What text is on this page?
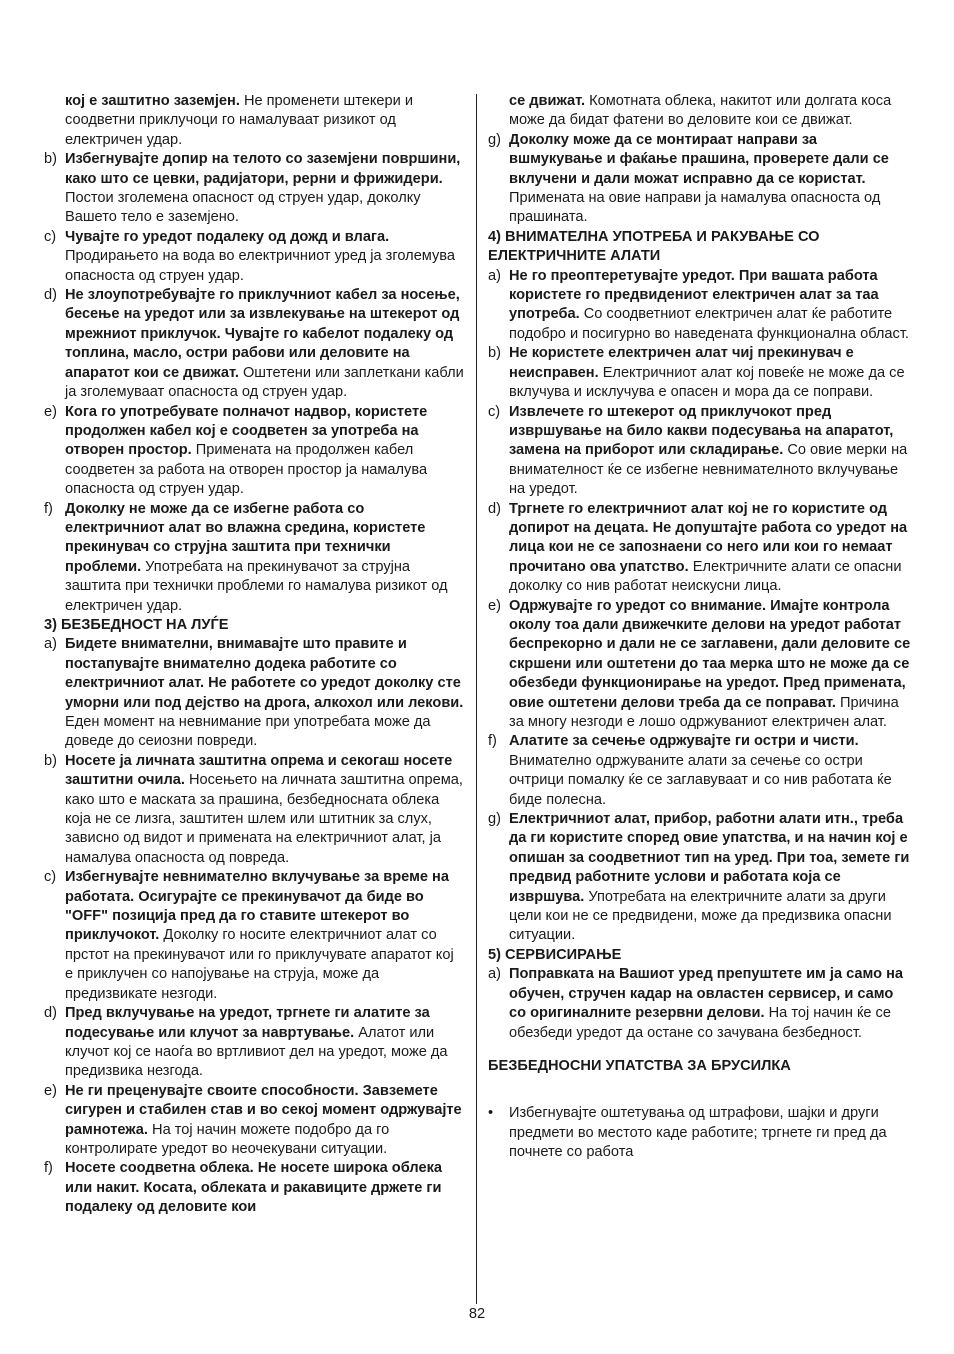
кој е заштитно заземјен. Не променети штекери и соодветни приклучоци го намалуваат ризикот од електричен удар.
b) Избегнувајте допир на телото со заземјени површини, како што се цевки, радијатори, рерни и фрижидери. Постои зголемена опасност од струен удар, доколку Вашето тело е заземјено.
c) Чувајте го уредот подалеку од дожд и влага. Продирањето на вода во електричниот уред ја зголемува опасноста од струен удар.
d) Не злоупотребувајте го приклучниот кабел за носење, бесење на уредот или за извлекување на штекерот од мрежниот приклучок. Чувајте го кабелот подалеку од топлина, масло, остри рабови или деловите на апаратот кои се движат. Оштетени или заплеткани кабли ја зголемуваат опасноста од струен удар.
e) Кога го употребувате полначот надвор, користете продолжен кабел кој е соодветен за употреба на отворен простор. Примената на продолжен кабел соодветен за работа на отворен простор ја намалува опасноста од струен удар.
f) Доколку не може да се избегне работа со електричниот алат во влажна средина, користете прекинувач со струјна заштита при технички проблеми. Употребата на прекинувачот за струјна заштита при технички проблеми го намалува ризикот од електричен удар.
3) БЕЗБЕДНОСТ НА ЛУЃЕ
a) Бидете внимателни, внимавајте што правите и постапувајте внимателно додека работите со електричниот алат. Не работете со уредот доколку сте уморни или под дејство на дрога, алкохол или лекови. Еден момент на невнимание при употребата може да доведе до сеиозни повреди.
b) Носете ја личната заштитна опрема и секогаш носете заштитни очила. Носењето на личната заштитна опрема, како што е маската за прашина, безбедносната облека која не се лизга, заштитен шлем или штитник за слух, зависно од видот и примената на електричниот алат, ја намалува опасноста од повреда.
c) Избегнувајте невнимателно вклучување за време на работата. Осигурајте се прекинувачот да биде во "OFF" позиција пред да го ставите штекерот во приклучокот. Доколку го носите електричниот алат со прстот на прекинувачот или го приклучувате апаратот кој е приклучен со напојување на струја, може да предизвикате незгоди.
d) Пред вклучување на уредот, тргнете ги алатите за подесување или клучот за навртување. Алатот или клучот кој се наоѓа во вртливиот дел на уредот, може да предизвика незгода.
e) Не ги преценувајте своите способности. Завземете сигурен и стабилен став и во секој момент одржувајте рамнотежа. На тој начин можете подобро да го контролирате уредот во неочекувани ситуации.
f) Носете соодветна облека. Не носете широка облека или накит. Косата, облеката и ракавиците држете ги подалеку од деловите кои
се движат. Комотната облека, накитот или долгата коса може да бидат фатени во деловите кои се движат.
g) Доколку може да се монтираат направи за вшмукување и фаќање прашина, проверете дали се вклучени и дали можат исправно да се користат. Примената на овие направи ја намалува опасноста од прашината.
4) ВНИМАТЕЛНА УПОТРЕБА И РАКУВАЊЕ СО ЕЛЕКТРИЧНИТЕ АЛАТИ
a) Не го преоптеретувајте уредот. При вашата работа користете го предвидениот електричен алат за таа употреба. Со соодветниот електричен алат ќе работите подобро и посигурно во наведената функционална област.
b) Не користете електричен алат чиј прекинувач е неисправен. Електричниот алат кој повеќе не може да се вклучува и исклучува е опасен и мора да се поправи.
c) Извлечете го штекерот од приклучокот пред извршување на било какви подесувања на апаратот, замена на приборот или складирање. Со овие мерки на внимателност ќе се избегне невнимателното вклучување на уредот.
d) Тргнете го електричниот алат кој не го користите од допирот на децата. Не допуштајте работа со уредот на лица кои не се запознаени со него или кои го немаат прочитано ова упатство. Електричните алати се опасни доколку со нив работат неискусни лица.
e) Одржувајте го уредот со внимание. Имајте контрола околу тоа дали движечките делови на уредот работат беспрекорно и дали не се заглавени, дали деловите се скршени или оштетени до таа мерка што не може да се обезбеди функционирање на уредот. Пред примената, овие оштетени делови треба да се поправат. Причина за многу незгоди е лошо одржуваниот електричен алат.
f) Алатите за сечење одржувајте ги остри и чисти. Внимателно одржуваните алати за сечење со остри очтрици помалку ќе се заглавуваат и со нив работата ќе биде полесна.
g) Електричниот алат, прибор, работни алати итн., треба да ги користите според овие упатства, и на начин кој е опишан за соодветниот тип на уред. При тоа, земете ги предвид работните услови и работата која се извршува. Употребата на електричните алати за други цели кои не се предвидени, може да предизвика опасни ситуации.
5) СЕРВИСИРАЊЕ
a) Поправката на Вашиот уред препуштете им ја само на обучен, стручен кадар на овластен сервисер, и само со оригиналните резервни делови. На тој начин ќе се обезбеди уредот да остане со зачувана безбедност.
БЕЗБЕДНОСНИ УПАТСТВА ЗА БРУСИЛКА
• Избегнувајте оштетувања од штрафови, шајки и други предмети во местото каде работите; тргнете ги пред да почнете со работа
82
